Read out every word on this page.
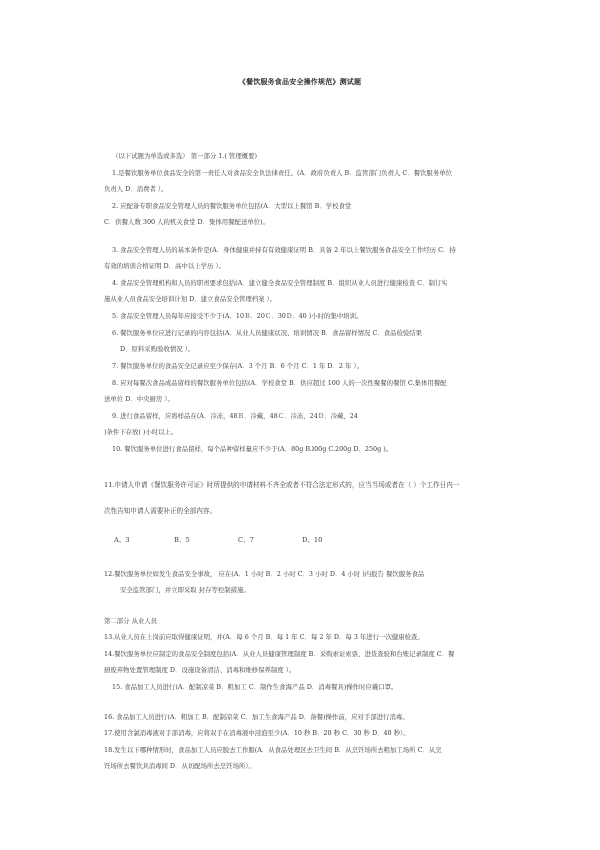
《餐饮服务食品安全操作规范》测试题
（以下试题为单选或多选） 第一部分 1.( 管理概要)
1.是餐饮服务单位食品安全的第一责任人对食品安全负法律责任。(A．政府负责人 B．监管部门负责人 C．餐饮服务单位
负责人 D．消费者 ）。
2. 应配备专职食品安全管理人员的餐饮服务单位包括(A．大型以上餐馆 B．学校食堂
C．供餐人数 300 人的机关食堂 D．集体用餐配送单位)。
3. 食品安全管理人员的基本条件是(A．身体健康并持有有效健康证明 B．具备 2 年以上餐饮服务食品安全工作经历 C．持
有效的培训合格证明 D．高中以上学历 ）。
4. 食品安全管理机构和人员的职责要求包括(A．建立健全食品安全管理制度 B．组织从业人员进行健康检查 C．制订实
施从业人员食品安全培训计划 D．建立食品安全管理档案 ）。
5. 食品安全管理人员每年应接受不少于(A．10Ｂ．20Ｃ．30Ｄ．40 )小时的集中培训。
6. 餐饮服务单位应进行记录的内容包括(A．从业人员健康状况、培训情况 B．食品留样情况 C．食品检验结果
D．原料采购验收情况 ）。
7. 餐饮服务单位的食品安全记录应至少保存(A．3 个月 B．6 个月 C．1 年 D．2 年 ）。
8. 应对每餐次食品成品留样的餐饮服务单位包括(A．学校食堂 B．供应超过 100 人的一次性聚餐的餐馆 C.集体用餐配
送单位 D．中央厨房 ）。
9. 进行食品留样，应将样品在(A．冷冻，48Ｂ．冷藏，48Ｃ．冷冻，24Ｄ．冷藏，24
)条件下存放( )小时以上。
10. 餐饮服务单位进行食品留样，每个品种留样量应不少于(A．80g B.l00g C.200g D．250g )。
11.申请人申请《餐饮服务许可证》时所提供的申请材料不齐全或者不符合法定形式的，应当当场或者在（ ）个工作日内一
次性告知申请人需要补正的全部内容。
A、3	B、5	C、7	D、10
12.餐饮服务单位如发生食品安全事故， 应在(A．1 小时 B．2 小时 C．3 小时 D．4 小时 )内报告 餐饮服务食品
安全监管部门，并立即采取 封存等控制措施。
第二部分 从业人员
13.从业人员在上岗前应取得健康证明，并(A．每 6 个月 B．每 1 年 C．每 2 年 D．每 3 年进行一次健康检查。
14.餐饮服务单位应制定的食品安全制度包括(A．从业人员健康管理制度 B．采购索证索票、进货查验和台账记录制度 C．餐
厨废弃物处置管理制度 D．设施设备清洁、消毒和维修保养制度 ）。
15. 食品加工人员进行(A．配制凉菜 B．粗加工 C．制作生食海产品 D．消毒餐具)操作时应戴口罩。
16. 食品加工人员进行(A．粗加工 B．配制凉菜 C．加工生食海产品 D．备餐)操作前，应对手部进行消毒。
17.使用含氯消毒液对手部消毒，应将双手在消毒液中浸泡至少(A．10 秒 B．20 秒 C．30 秒 D．40 秒）。
18.发生以下哪种情形时，食品加工人员应脱去工作服(A．从食品处理区去卫生间 B．从烹饪场所去粗加工场所 C．从烹
饪场所去餐饮具消毒间 D．从切配场所去烹饪场所）。
